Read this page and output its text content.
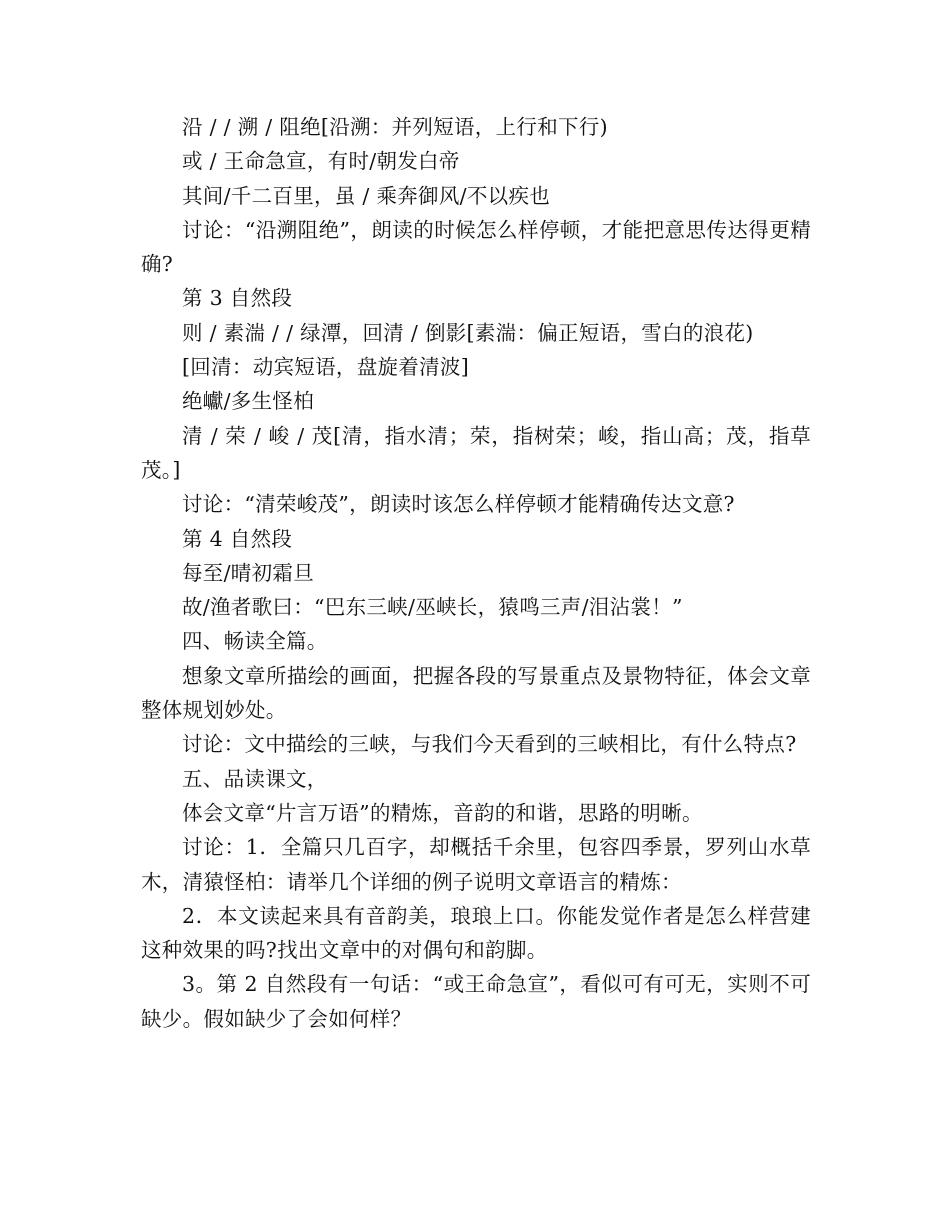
沿 / / 溯 / 阻绝[沿溯：并列短语，上行和下行)

或 / 王命急宣，有时/朝发白帝

其间/千二百里，虽 / 乘奔御风/不以疾也

讨论：“沿溯阻绝”，朗读的时候怎么样停顿，才能把意思传达得更精确?

第 3 自然段

则 / 素湍 / / 绿潭，回清 / 倒影[素湍：偏正短语，雪白的浪花)

[回清：动宾短语，盘旋着清波]

绝巘/多生怪柏

清 / 荣 / 峻 / 茂[清，指水清；荣，指树荣；峻，指山高；茂，指草茂。]

讨论：“清荣峻茂”，朗读时该怎么样停顿才能精确传达文意?

第 4 自然段

每至/晴初霜旦

故/渔者歌曰：“巴东三峡/巫峡长，猿鸣三声/泪沾裳！”

四、畅读全篇。

想象文章所描绘的画面，把握各段的写景重点及景物特征，体会文章整体规划妙处。

讨论：文中描绘的三峡，与我们今天看到的三峡相比，有什么特点?

五、品读课文，

体会文章“片言万语”的精炼，音韵的和谐，思路的明晰。

讨论：1．全篇只几百字，却概括千余里，包容四季景，罗列山水草木，清猿怪柏：请举几个详细的例子说明文章语言的精炼：

2．本文读起来具有音韵美，琅琅上口。你能发觉作者是怎么样营建这种效果的吗?找出文章中的对偶句和韵脚。

3。第 2 自然段有一句话：“或王命急宣”，看似可有可无，实则不可缺少。假如缺少了会如何样？
